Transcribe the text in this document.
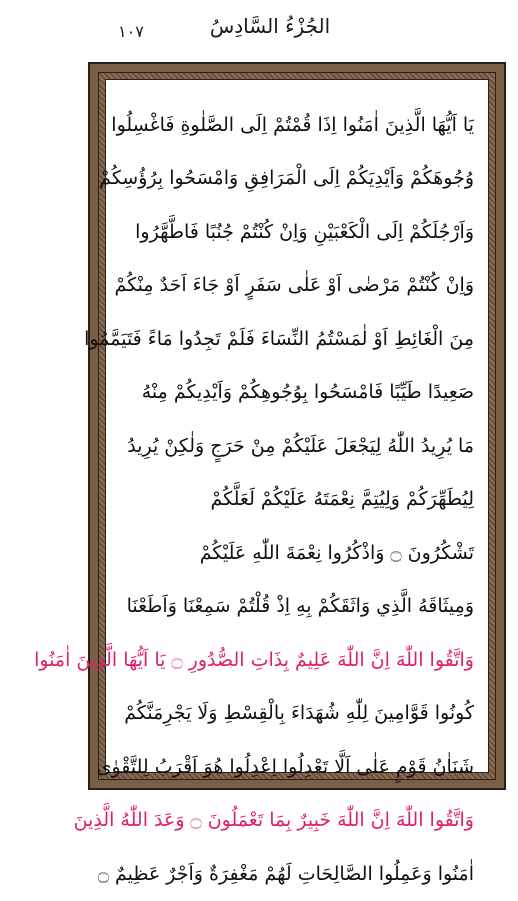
الجُزْءُ السَّادِسُ
١٠٧
يَا اَيُّهَا الَّذِينَ اٰمَنُوا اِذَا قُمْتُمْ اِلَى الصَّلٰوةِ فَاغْسِلُوا
وُجُوهَكُمْ وَاَيْدِيَكُمْ اِلَى الْمَرَافِقِ وَامْسَحُوا بِرُؤُسِكُمْ
وَاَرْجُلَكُمْ اِلَى الْكَعْبَيْنِ وَاِنْ كُنْتُمْ جُنُبًا فَاطَّهَّرُوا
وَاِنْ كُنْتُمْ مَرْضٰى اَوْ عَلٰى سَفَرٍ اَوْ جَاءَ اَحَدٌ مِنْكُمْ
مِنَ الْغَائِطِ اَوْ لٰمَسْتُمُ النِّسَاءَ فَلَمْ تَجِدُوا مَاءً فَتَيَمَّمُوا
صَعِيدًا طَيِّبًا فَامْسَحُوا بِوُجُوهِكُمْ وَاَيْدِيكُمْ مِنْهُ
مَا يُرِيدُ اللّٰهُ لِيَجْعَلَ عَلَيْكُمْ مِنْ حَرَجٍ وَلٰكِنْ يُرِيدُ
لِيُطَهِّرَكُمْ وَلِيُتِمَّ نِعْمَتَهُ عَلَيْكُمْ لَعَلَّكُمْ
تَشْكُرُونَ ۝ وَاذْكُرُوا نِعْمَةَ اللّٰهِ عَلَيْكُمْ
وَمِيثَاقَهُ الَّذِي وَاثَقَكُمْ بِهِ اِذْ قُلْتُمْ سَمِعْنَا وَاَطَعْنَا
وَاتَّقُوا اللّٰهَ اِنَّ اللّٰهَ عَلِيمٌ بِذَاتِ الصُّدُورِ ۝ يَا اَيُّهَا الَّذِينَ اٰمَنُوا
كُونُوا قَوَّامِينَ لِلّٰهِ شُهَدَاءَ بِالْقِسْطِ وَلَا يَجْرِمَنَّكُمْ
شَنَاٰنُ قَوْمٍ عَلٰى اَلَّا تَعْدِلُوا اِعْدِلُوا هُوَ اَقْرَبُ لِلتَّقْوٰى
وَاتَّقُوا اللّٰهَ اِنَّ اللّٰهَ خَبِيرٌ بِمَا تَعْمَلُونَ ۝ وَعَدَ اللّٰهُ الَّذِينَ
اٰمَنُوا وَعَمِلُوا الصَّالِحَاتِ لَهُمْ مَغْفِرَةٌ وَاَجْرٌ عَظِيمٌ ۝
